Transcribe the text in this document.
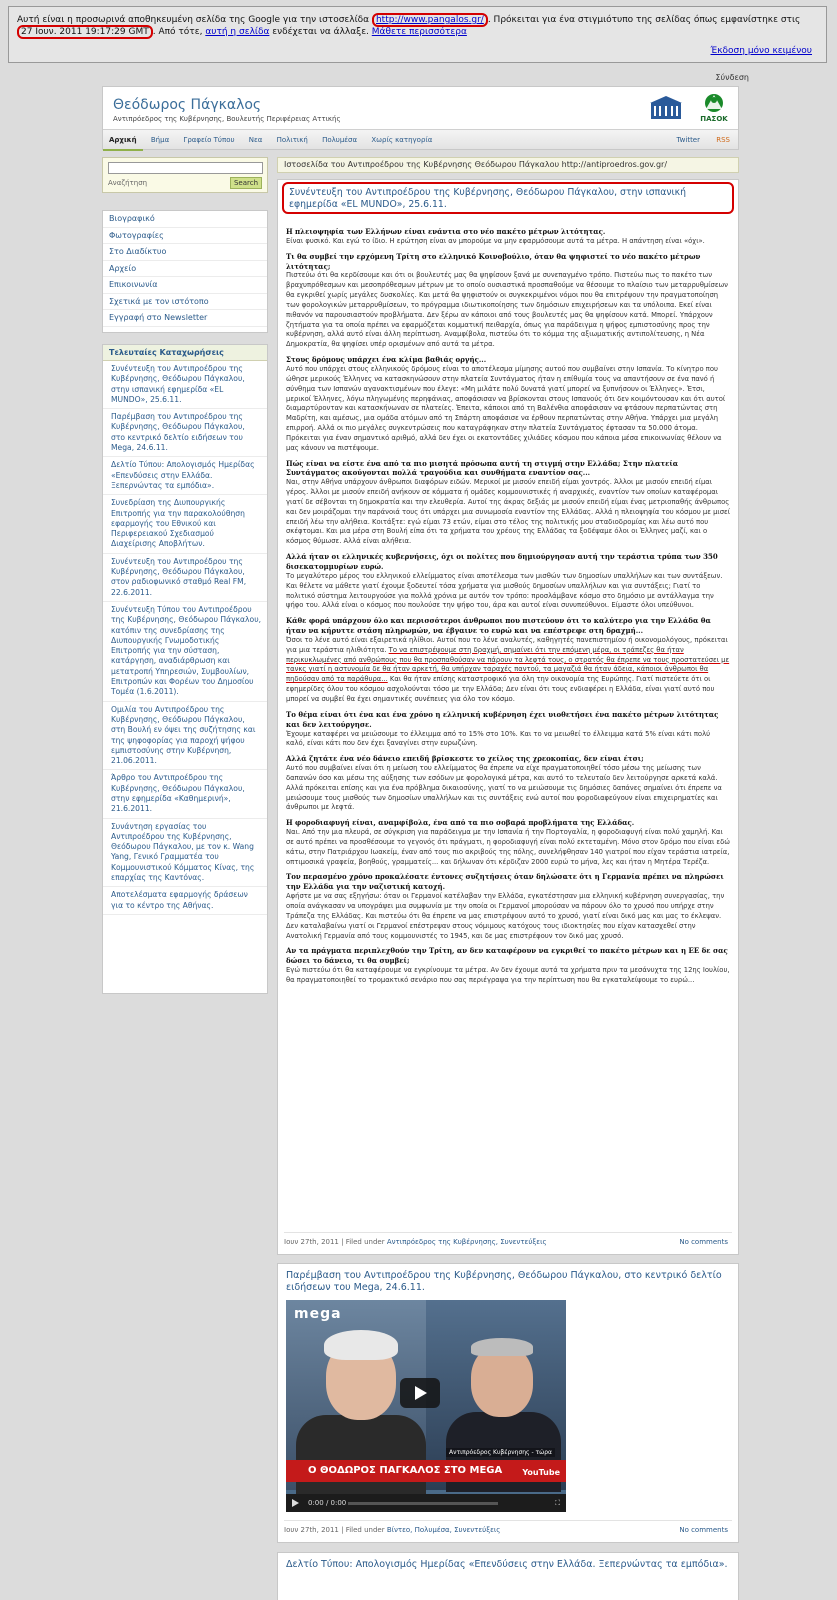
Αυτή είναι η προσωρινά αποθηκευμένη σελίδα της Google για την ιστοσελίδα http://www.pangalos.gr/ . Πρόκειται για ένα στιγμιότυπο της σελίδας όπως εμφανίστηκε στις 27 Ιουν. 2011 19:17:29 GMT . Από τότε, αυτή η σελίδα ενδέχεται να άλλαξε. Μάθετε περισσότερα
Έκδοση μόνο κειμένου
Σύνδεση
Θεόδωρος Πάγκαλος
Αντιπρόεδρος της Κυβέρνησης, Βουλευτής Περιφέρειας Αττικής	ΠΑΣΟΚ
Αρχική Βήμα Γραφείο Τύπου Νεα Πολιτική Πολυμέσα Χωρίς κατηγορία	Twitter RSS
Αναζήτηση	Search
Βιογραφικό
Φωτογραφίες
Στο Διαδίκτυο
Αρχείο
Επικοινωνία
Σχετικά με τον ιστότοπο
Εγγραφή στο Newsletter
Τελευταίες Καταχωρήσεις
Συνέντευξη του Αντιπροέδρου της Κυβέρνησης, Θεόδωρου Πάγκαλου, στην ισπανική εφημερίδα «EL MUNDO», 25.6.11.
Παρέμβαση του Αντιπροέδρου της Κυβέρνησης, Θεόδωρου Πάγκαλου, στο κεντρικό δελτίο ειδήσεων του Mega, 24.6.11.
Δελτίο Τύπου: Απολογισμός Ημερίδας «Επενδύσεις στην Ελλάδα. Ξεπερνώντας τα εμπόδια».
Συνεδρίαση της Διυπουργικής Επιτροπής για την παρακολούθηση εφαρμογής του Εθνικού και Περιφερειακού Σχεδιασμού Διαχείρισης Αποβλήτων.
Συνέντευξη του Αντιπροέδρου της Κυβέρνησης, Θεόδωρου Πάγκαλου, στον ραδιοφωνικό σταθμό Real FM, 22.6.2011.
Συνέντευξη Τύπου του Αντιπροέδρου της Κυβέρνησης, Θεόδωρου Πάγκαλου, κατόπιν της συνεδρίασης της Διυπουργικής Γνωμοδοτικής Επιτροπής για την σύσταση, κατάργηση, αναδιάρθρωση και μετατροπή Υπηρεσιών, Συμβουλίων, Επιτροπών και Φορέων του Δημοσίου Τομέα (1.6.2011).
Ομιλία του Αντιπροέδρου της Κυβέρνησης, Θεόδωρου Πάγκαλου, στη Βουλή εν όψει της συζήτησης και της ψηφοφορίας για παροχή ψήφου εμπιστοσύνης στην Κυβέρνηση, 21.06.2011.
Άρθρο του Αντιπροέδρου της Κυβέρνησης, Θεόδωρου Πάγκαλου, στην εφημερίδα «Καθημερινή», 21.6.2011.
Συνάντηση εργασίας του Αντιπροέδρου της Κυβέρνησης, Θεόδωρου Πάγκαλου, με τον κ. Wang Yang, Γενικό Γραμματέα του Κομμουνιστικού Κόμματος Κίνας, της επαρχίας της Καντόνας.
Αποτελέσματα εφαρμογής δράσεων για το κέντρο της Αθήνας.
Ιστοσελίδα του Αντιπροέδρου της Κυβέρνησης Θεόδωρου Πάγκαλου http://antiproedros.gov.gr/
Συνέντευξη του Αντιπροέδρου της Κυβέρνησης, Θεόδωρου Πάγκαλου, στην ισπανική εφημερίδα «EL MUNDO», 25.6.11.
Η πλειοψηφία των Ελλήνων είναι ενάντια στο νέο πακέτο μέτρων λιτότητας.

Είναι φυσικό. Και εγώ το ίδιο. Η ερώτηση είναι αν μπορούμε να μην εφαρμόσουμε αυτά τα μέτρα. Η απάντηση είναι «όχι».

Τι θα συμβεί την ερχόμενη Τρίτη στο ελληνικό Κοινοβούλιο, όταν θα ψηφιστεί το νέο πακέτο μέτρων λιτότητας;

Πιστεύω ότι θα κερδίσουμε και ότι οι βουλευτές μας θα ψηφίσουν ξανά με συνεπαγμένο τρόπο. Πιστεύω πως το πακέτο των βραχυπρόθεσμων και μεσοπρόθεσμων μέτρων με το οποίο ουσιαστικά προσπαθούμε να θέσουμε το πλαίσιο των μεταρρυθμίσεων θα εγκριθεί χωρίς μεγάλες δυσκολίες. Και μετά θα ψηφιστούν οι συγκεκριμένοι νόμοι που θα επιτρέψουν την πραγματοποίηση των φορολογικών μεταρρυθμίσεων, το πρόγραμμα ιδιωτικοποίησης των δημόσιων επιχειρήσεων και τα υπόλοιπα. Εκεί είναι πιθανόν να παρουσιαστούν προβλήματα. Δεν ξέρω αν κάποιοι από τους βουλευτές μας θα ψηφίσουν κατά. Μπορεί. Υπάρχουν ζητήματα για τα οποία πρέπει να εφαρμόζεται κομματική πειθαρχία, όπως για παράδειγμα η ψήφος εμπιστοσύνης προς την κυβέρνηση, αλλά αυτό είναι άλλη περίπτωση. Αναμφίβολα, πιστεύω ότι το κόμμα της αξιωματικής αντιπολίτευσης, η Νέα Δημοκρατία, θα ψηφίσει υπέρ ορισμένων από αυτά τα μέτρα.

Στους δρόμους υπάρχει ένα κλίμα βαθιάς οργής...

Αυτό που υπάρχει στους ελληνικούς δρόμους είναι το αποτέλεσμα μίμησης αυτού που συμβαίνει στην Ισπανία. Το κίνητρο που ώθησε μερικούς Έλληνες να κατασκηνώσουν στην πλατεία Συντάγματος ήταν η επίθυμία τους να απαντήσουν σε ένα πανό ή σύνθημα των Ισπανών αγανακτισμένων που έλεγε: «Μη μιλάτε πολύ δυνατά γιατί μπορεί να ξυπνήσουν οι Έλληνες». Έτσι, μερικοί Έλληνες, λόγω πληγωμένης περηφάνιας, αποφάσισαν να βρίσκονται στους Ισπανούς ότι δεν κοιμόντουσαν και ότι αυτοί διαμαρτύρονταν και κατασκήνωναν σε πλατείες. Έπειτα, κάποιοι από τη Βαλένθια αποφάσισαν να φτάσουν περπατώντας στη Μαδρίτη, και αμέσως, μια ομάδα ατόμων από τη Σπάρτη αποφάσισε να έρθουν περπατώντας στην Αθήνα. Υπάρχει μια μεγάλη επιρροή. Αλλά οι πιο μεγάλες συγκεντρώσεις που καταγράφηκαν στην πλατεία Συντάγματος έφτασαν τα 50.000 άτομα. Πρόκειται για έναν σημαντικό αριθμό, αλλά δεν έχει οι εκατοντάδες χιλιάδες κόσμου που κάποια μέσα επικοινωνίας θέλουν να μας κάνουν να πιστέψουμε.

Πώς είναι να είστε ένα από τα πιο μισητά πρόσωπα αυτή τη στιγμή στην Ελλάδα; Στην πλατεία Συντάγματος ακούγονται πολλά τραγούδια και συνθήματα εναντίον σας...

Ναι, στην Αθήνα υπάρχουν άνθρωποι διαφόρων ειδών. Μερικοί με μισούν επειδή είμαι χοντρός. Άλλοι με μισούν επειδή είμαι γέρος. Άλλοι με μισούν επειδή ανήκουν σε κόμματα ή ομάδες κομμουνιστικές ή αναρχικές, εναντίον των οποίων καταφέρομαι γιατί δε σέβονται τη δημοκρατία και την ελευθερία. Αυτοί της άκρας δεξιάς με μισούν επειδή είμαι ένας μετριοπαθής άνθρωπος και δεν μοιράζομαι την παράνοιά τους ότι υπάρχει μια συνωμοσία εναντίον της Ελλάδας. Αλλά η πλειοψηφία του κόσμου με μισεί επειδή λέω την αλήθεια. Κοιτάξτε: εγώ είμαι 73 ετών, είμαι στο τέλος της πολιτικής μου σταδιοδρομίας και λέω αυτό που σκέφτομαι. Και μια μέρα στη Βουλή είπα ότι τα χρήματα του χρέους της Ελλάδας τα ξοδέψαμε όλοι οι Έλληνες μαζί, και ο κόσμος θύμωσε. Αλλά είναι αλήθεια.

Αλλά ήταν οι ελληνικές κυβερνήσεις, όχι οι πολίτες που δημιούργησαν αυτή την τεράστια τρύπα των 350 δισεκατομμυρίων ευρώ.

Το μεγαλύτερο μέρος του ελληνικού ελλείμματος είναι αποτέλεσμα των μισθών των δημοσίων υπαλλήλων και των συντάξεων. Και θέλετε να μάθετε γιατί έχουμε ξοδευτεί τόσα χρήματα για μισθούς δημοσίων υπαλλήλων και για συντάξεις; Γιατί το πολιτικό σύστημα λειτουργούσε για πολλά χρόνια με αυτόν τον τρόπο: προσλάμβανε κόσμο στο δημόσιο με αντάλλαγμα την ψήφο του. Αλλά είναι ο κόσμος που πουλούσε την ψήφο του, άρα και αυτοί είναι συνυπεύθυνοι. Είμαστε όλοι υπεύθυνοι.

Κάθε φορά υπάρχουν όλο και περισσότεροι άνθρωποι που πιστεύουν ότι το καλύτερο για την Ελλάδα θα ήταν να κήρυττε στάση πληρωμών, να έβγαινε το ευρώ και να επέστρεφε στη δραχμή...

Όσοι το λένε αυτό είναι εξαιρετικά ηλίθιοι. Αυτοί που το λένε αναλυτές, καθηγητές πανεπιστημίου ή οικονομολόγους, πρόκειται για μια τεράστια ηλιθιότητα. Το να επιστρέψουμε στη δραχμή, σημαίνει ότι την επόμενη μέρα, οι τράπεζες θα ήταν περικυκλωμένες από ανθρώπους που θα προσπαθούσαν να πάρουν τα λεφτά τους, ο στρατός θα έπρεπε να τους προστατεύσει με τανκς γιατί η αστυνομία δε θα ήταν αρκετή, θα υπήρχαν ταραχές παντού, τα μαγαζιά θα ήταν άδεια, κάποιοι άνθρωποι θα πηδούσαν από τα παράθυρα... Και θα ήταν επίσης καταστροφικό για όλη την οικονομία της Ευρώπης. Γιατί πιστεύετε ότι οι εφημερίδες όλου του κόσμου ασχολούνται τόσο με την Ελλάδα; Δεν είναι ότι τους ενδιαφέρει η Ελλάδα, είναι γιατί αυτό που μπορεί να συμβεί θα έχει σημαντικές συνέπειες για όλο τον κόσμο.

Το θέμα είναι ότι ένα και ένα χρόνο η ελληνική κυβέρνηση έχει υιοθετήσει ένα πακέτο μέτρων λιτότητας και δεν λειτούργησε.

Έχουμε καταφέρει να μειώσουμε το έλλειμμα από το 15% στο 10%. Και το να μειωθεί το έλλειμμα κατά 5% είναι κάτι πολύ καλό, είναι κάτι που δεν έχει ξαναγίνει στην ευρωζώνη.

Αλλά ζητάτε ένα νέο δάνειο επειδή βρίσκεστε το χείλος της χρεοκοπίας, δεν είναι έτσι;

Αυτό που συμβαίνει είναι ότι η μείωση του ελλείμματος θα έπρεπε να είχε πραγματοποιηθεί τόσο μέσω της μείωσης των δαπανών όσο και μέσω της αύξησης των εσόδων με φορολογικά μέτρα, και αυτό το τελευταίο δεν λειτούργησε αρκετά καλά. Αλλά πρόκειται επίσης και για ένα πρόβλημα δικαιοσύνης, γιατί το να μειώσουμε τις δημόσιες δαπάνες σημαίνει ότι έπρεπε να μειώσουμε τους μισθούς των δημοσίων υπαλλήλων και τις συντάξεις ενώ αυτοί που φοροδιαφεύγουν είναι επιχειρηματίες και άνθρωποι με λεφτά.

Η φοροδιαφυγή είναι, αναμφίβολα, ένα από τα πιο σοβαρά προβλήματα της Ελλάδας.

Ναι. Από την μια πλευρά, σε σύγκριση για παράδειγμα με την Ισπανία ή την Πορτογαλία, η φοροδιαφυγή είναι πολύ χαμηλή. Και σε αυτό πρέπει να προσθέσουμε το γεγονός ότι πράγματι, η φοροδιαφυγή είναι πολύ εκτεταμένη. Μόνο στον δρόμο που είναι εδώ κάτω, στην Πατριάρχου Ιωακείμ, έναν από τους πιο ακριβούς της πόλης, συνελήφθησαν 140 γιατροί που είχαν τεράστια ιατρεία, οπτιμοσικά γραφεία, βοηθούς, γραμματείς... και δήλωναν ότι κέρδιζαν 2000 ευρώ το μήνα, λες και ήταν η Μητέρα Τερέζα.

Τον περασμένο χρόνο προκαλέσατε έντονες συζητήσεις όταν δηλώσατε ότι η Γερμανία πρέπει να πληρώσει την Ελλάδα για την ναζιστική κατοχή.

Αφήστε με να σας εξηγήσω: όταν οι Γερμανοί κατέλαβαν την Ελλάδα, εγκατέστησαν μια ελληνική κυβέρνηση συνεργασίας, την οποία ανάγκασαν να υπογράψει μια συμφωνία με την οποία οι Γερμανοί μπορούσαν να πάρουν όλο το χρυσό που υπήρχε στην Τράπεζα της Ελλάδας. Και πιστεύω ότι θα έπρεπε να μας επιστρέψουν αυτό το χρυσό, γιατί είναι δικό μας και μας το έκλεψαν. Δεν καταλαβαίνω γιατί οι Γερμανοί επέστρεψαν στους νόμιμους κατόχους τους ιδιοκτησίες που είχαν κατασχεθεί στην Ανατολική Γερμανία από τους κομμουνιστές το 1945, και δε μας επιστρέφουν τον δικό μας χρυσό.

Αν τα πράγματα περιπλεχθούν την Τρίτη, αν δεν καταφέρουν να εγκριθεί το πακέτο μέτρων και η ΕΕ δε σας δώσει το δάνειο, τι θα συμβεί;

Εγώ πιστεύω ότι θα καταφέρουμε να εγκρίνουμε τα μέτρα. Αν δεν έχουμε αυτά τα χρήματα πριν τα μεσάνυχτα της 12ης Ιουλίου, θα πραγματοποιηθεί το τρομακτικό σενάριο που σας περιέγραψα για την περίπτωση που θα εγκαταλείψουμε το ευρώ...

Ιουν 27th, 2011 | Filed under Αντιπρόεδρος της Κυβέρνησης, Συνεντεύξεις	No comments
Παρέμβαση του Αντιπροέδρου της Κυβέρνησης, Θεόδωρου Πάγκαλου, στο κεντρικό δελτίο ειδήσεων του Mega, 24.6.11.
mega
Αντιπρόεδρος Κυβέρνησης - τώρα
Ο ΘΟΔΩΡΟΣ ΠΑΓΚΑΛΟΣ ΣΤΟ MEGA	YouTube
0:00 / 0:00	⛶
Ιουν 27th, 2011 | Filed under Βίντεο, Πολυμέσα, Συνεντεύξεις	No comments
Δελτίο Τύπου: Απολογισμός Ημερίδας «Επενδύσεις στην Ελλάδα. Ξεπερνώντας τα εμπόδια».
